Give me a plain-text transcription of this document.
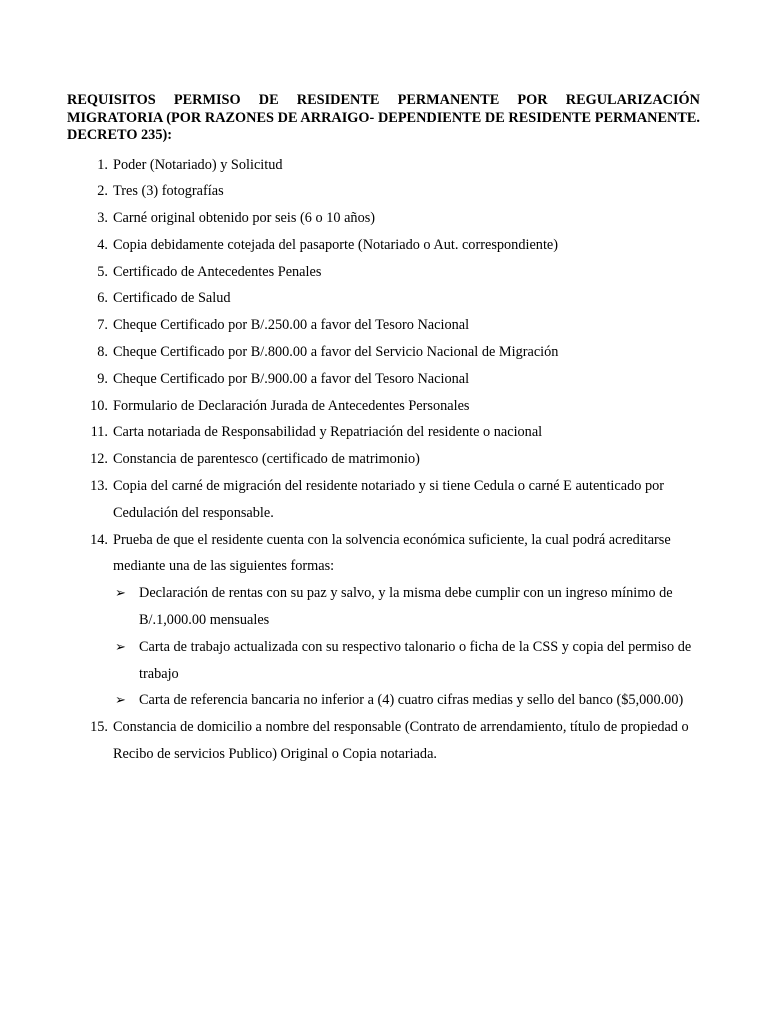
REQUISITOS PERMISO DE RESIDENTE PERMANENTE POR REGULARIZACIÓN MIGRATORIA (POR RAZONES DE ARRAIGO- DEPENDIENTE DE RESIDENTE PERMANENTE. DECRETO 235):

1. Poder (Notariado) y Solicitud
2. Tres (3) fotografías
3. Carné original obtenido por seis (6 o 10 años)
4. Copia debidamente cotejada del pasaporte (Notariado o Aut. correspondiente)
5. Certificado de Antecedentes Penales
6. Certificado de Salud
7. Cheque Certificado por B/.250.00 a favor del Tesoro Nacional
8. Cheque Certificado por B/.800.00 a favor del Servicio Nacional de Migración
9. Cheque Certificado por B/.900.00 a favor del Tesoro Nacional
10. Formulario de Declaración Jurada de Antecedentes Personales
11. Carta notariada de Responsabilidad y Repatriación del residente o nacional
12. Constancia de parentesco (certificado de matrimonio)
13. Copia del carné de migración del residente notariado y si tiene Cedula o carné E autenticado por Cedulación del responsable.
14. Prueba de que el residente cuenta con la solvencia económica suficiente, la cual podrá acreditarse mediante una de las siguientes formas:
➢ Declaración de rentas con su paz y salvo, y la misma debe cumplir con un ingreso mínimo de B/.1,000.00 mensuales
➢ Carta de trabajo actualizada con su respectivo talonario o ficha de la CSS y copia del permiso de trabajo
➢ Carta de referencia bancaria no inferior a (4) cuatro cifras medias y sello del banco ($5,000.00)
15. Constancia de domicilio a nombre del responsable (Contrato de arrendamiento, título de propiedad o Recibo de servicios Publico) Original o Copia notariada.
